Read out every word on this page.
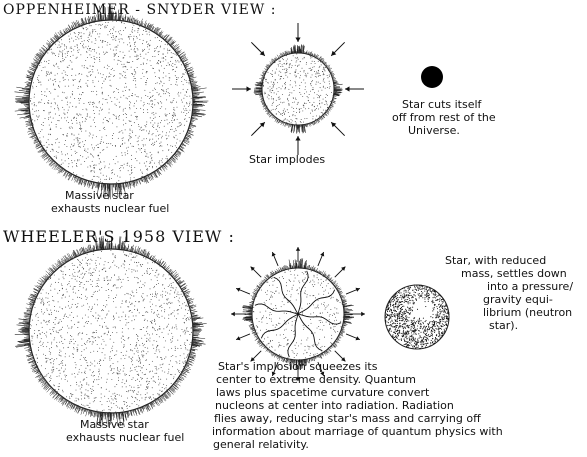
OPPENHEIMER - SNYDER VIEW :
Massive star
exhausts nuclear fuel
Star implodes
Star cuts itself
off from rest of the
Universe.
WHEELER'S 1958 VIEW :
Massive star
exhausts nuclear fuel
Star's implosion squeezes its
center to extreme density. Quantum
laws plus spacetime curvature convert
nucleons at center into radiation. Radiation
flies away, reducing star's mass and carrying off
information about marriage of quantum physics with
general relativity.
Star, with reduced
mass, settles down
into a pressure/
gravity equi-
librium (neutron
star).
